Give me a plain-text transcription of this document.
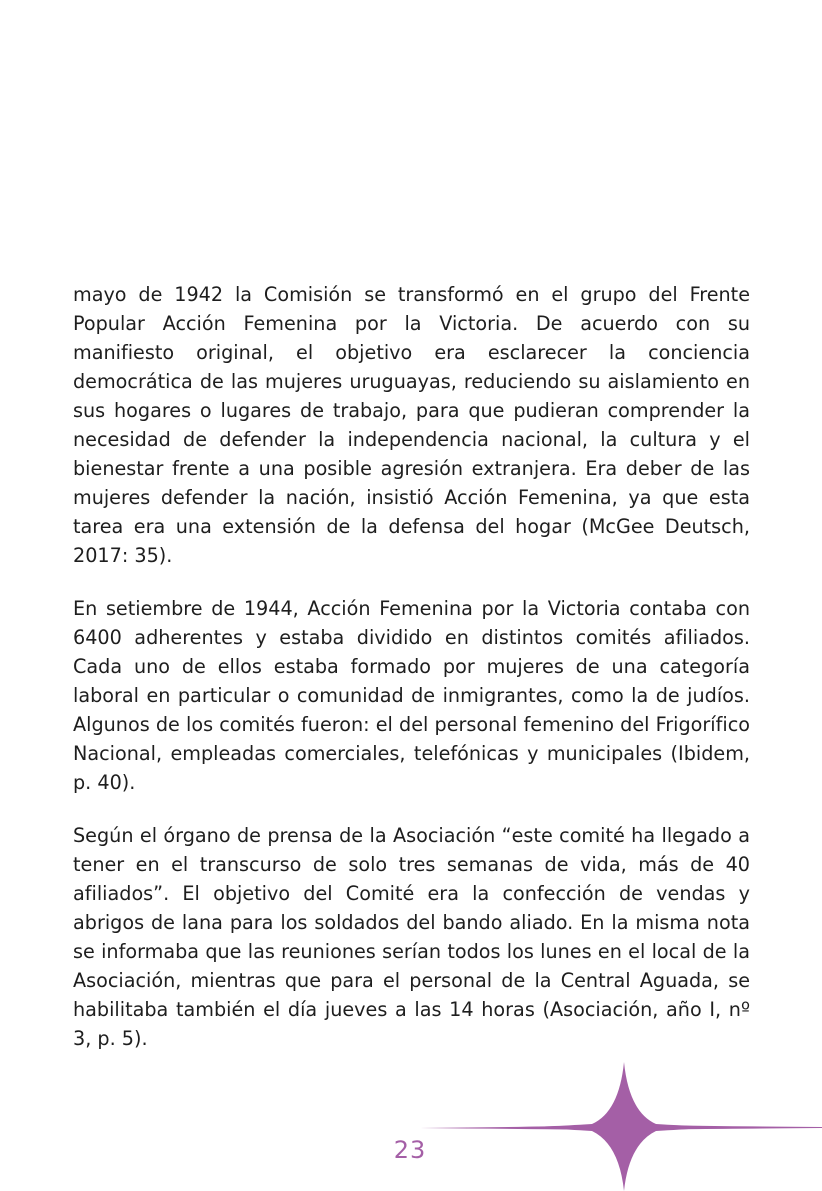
mayo de 1942 la Comisión se transformó en el grupo del Frente Popular Acción Femenina por la Victoria. De acuerdo con su manifiesto original, el objetivo era esclarecer la conciencia democrática de las mujeres uruguayas, reduciendo su aislamiento en sus hogares o lugares de trabajo, para que pudieran comprender la necesidad de defender la independencia nacional, la cultura y el bienestar frente a una posible agresión extranjera. Era deber de las mujeres defender la nación, insistió Acción Femenina, ya que esta tarea era una extensión de la defensa del hogar (McGee Deutsch, 2017: 35).

En setiembre de 1944, Acción Femenina por la Victoria contaba con 6400 adherentes y estaba dividido en distintos comités afiliados. Cada uno de ellos estaba formado por mujeres de una categoría laboral en particular o comunidad de inmigrantes, como la de judíos. Algunos de los comités fueron: el del personal femenino del Frigorífico Nacional, empleadas comerciales, telefónicas y municipales (Ibidem, p. 40).

Según el órgano de prensa de la Asociación “este comité ha llegado a tener en el transcurso de solo tres semanas de vida, más de 40 afiliados”. El objetivo del Comité era la confección de vendas y abrigos de lana para los soldados del bando aliado. En la misma nota se informaba que las reuniones serían todos los lunes en el local de la Asociación, mientras que para el personal de la Central Aguada, se habilitaba también el día jueves a las 14 horas (Asociación, año I, nº 3, p. 5).

23
